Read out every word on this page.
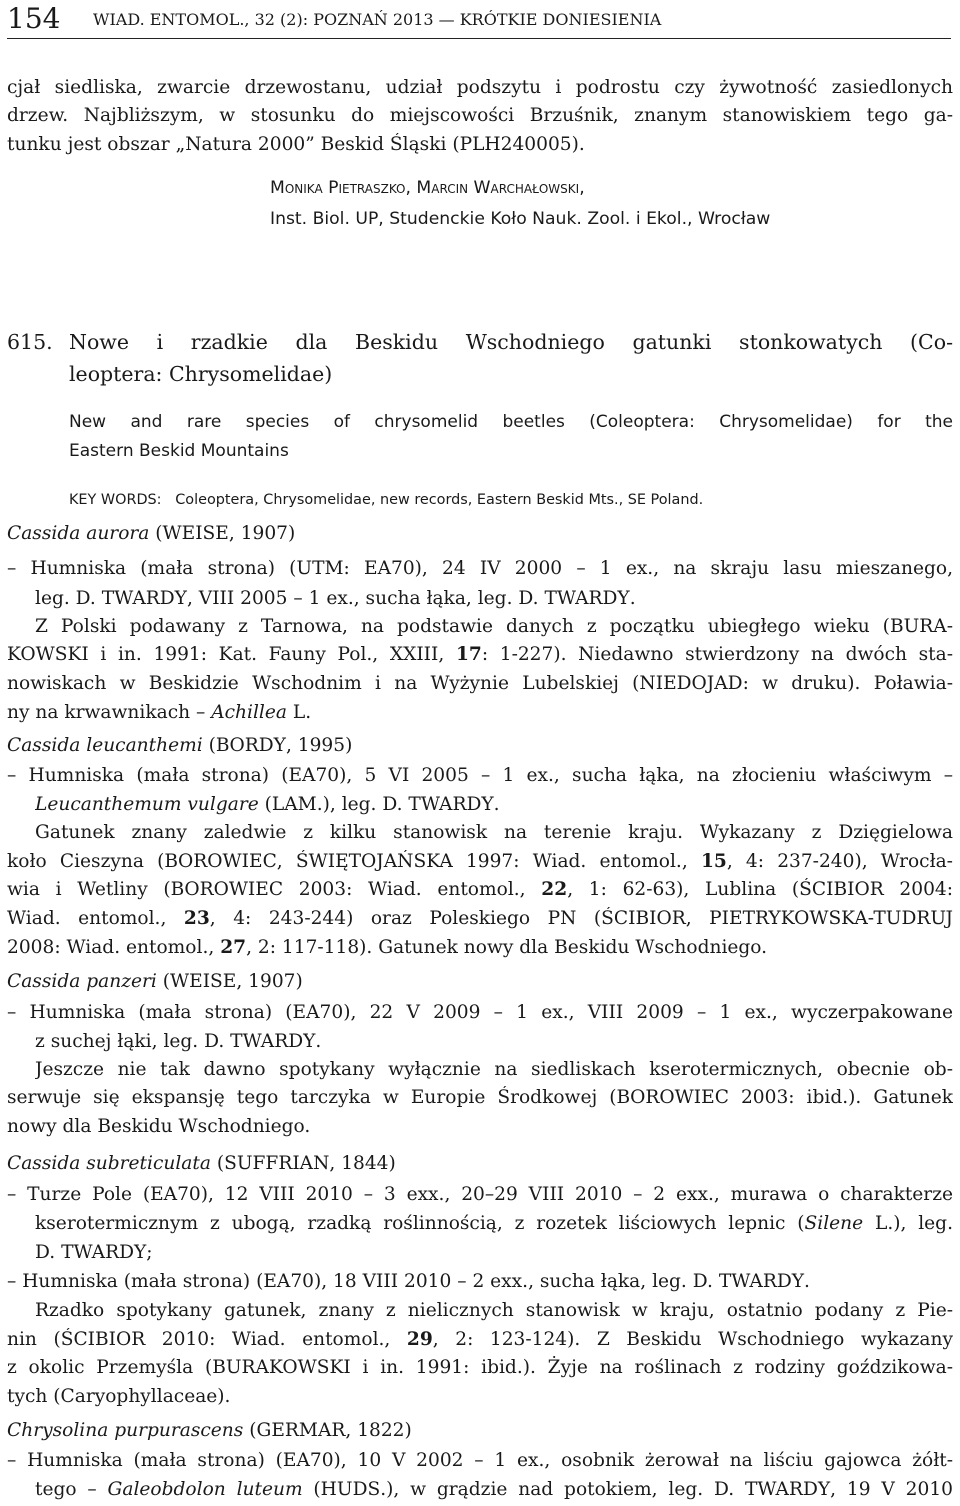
154 WIAD. ENTOMOL., 32 (2): POZNAŃ 2013 — KRÓTKIE DONIESIENIA
cjał siedliska, zwarcie drzewostanu, udział podszytu i podrostu czy żywotność zasiedlonych
drzew. Najbliższym, w stosunku do miejscowości Brzuśnik, znanym stanowiskiem tego ga-
tunku jest obszar „Natura 2000” Beskid Śląski (PLH240005).
Monika Pietraszko, Marcin Warchałowski,
Inst. Biol. UP, Studenckie Koło Nauk. Zool. i Ekol., Wrocław
615. Nowe i rzadkie dla Beskidu Wschodniego gatunki stonkowatych (Co-
leoptera: Chrysomelidae)
New and rare species of chrysomelid beetles (Coleoptera: Chrysomelidae) for the
Eastern Beskid Mountains
KEY WORDS: Coleoptera, Chrysomelidae, new records, Eastern Beskid Mts., SE Poland.
Cassida aurora (WEISE, 1907)
– Humniska (mała strona) (UTM: EA70), 24 IV 2000 – 1 ex., na skraju lasu mieszanego,
leg. D. TWARDY, VIII 2005 – 1 ex., sucha łąka, leg. D. TWARDY.
Z Polski podawany z Tarnowa, na podstawie danych z początku ubiegłego wieku (BURA-
KOWSKI i in. 1991: Kat. Fauny Pol., XXIII, 17: 1-227). Niedawno stwierdzony na dwóch sta-
nowiskach w Beskidzie Wschodnim i na Wyżynie Lubelskiej (NIEDOJAD: w druku). Poławia-
ny na krwawnikach – Achillea L.
Cassida leucanthemi (BORDY, 1995)
– Humniska (mała strona) (EA70), 5 VI 2005 – 1 ex., sucha łąka, na złocieniu właściwym –
Leucanthemum vulgare (LAM.), leg. D. TWARDY.
Gatunek znany zaledwie z kilku stanowisk na terenie kraju. Wykazany z Dzięgielowa
koło Cieszyna (BOROWIEC, ŚWIĘTOJAŃSKA 1997: Wiad. entomol., 15, 4: 237-240), Wrocła-
wia i Wetliny (BOROWIEC 2003: Wiad. entomol., 22, 1: 62-63), Lublina (ŚCIBIOR 2004:
Wiad. entomol., 23, 4: 243-244) oraz Poleskiego PN (ŚCIBIOR, PIETRYKOWSKA-TUDRUJ
2008: Wiad. entomol., 27, 2: 117-118). Gatunek nowy dla Beskidu Wschodniego.
Cassida panzeri (WEISE, 1907)
– Humniska (mała strona) (EA70), 22 V 2009 – 1 ex., VIII 2009 – 1 ex., wyczerpakowane
z suchej łąki, leg. D. TWARDY.
Jeszcze nie tak dawno spotykany wyłącznie na siedliskach kserotermicznych, obecnie ob-
serwuje się ekspansję tego tarczyka w Europie Środkowej (BOROWIEC 2003: ibid.). Gatunek
nowy dla Beskidu Wschodniego.
Cassida subreticulata (SUFFRIAN, 1844)
– Turze Pole (EA70), 12 VIII 2010 – 3 exx., 20–29 VIII 2010 – 2 exx., murawa o charakterze
kserotermicznym z ubogą, rzadką roślinnością, z rozetek liściowych lepnic (Silene L.), leg.
D. TWARDY;
– Humniska (mała strona) (EA70), 18 VIII 2010 – 2 exx., sucha łąka, leg. D. TWARDY.
Rzadko spotykany gatunek, znany z nielicznych stanowisk w kraju, ostatnio podany z Pie-
nin (ŚCIBIOR 2010: Wiad. entomol., 29, 2: 123-124). Z Beskidu Wschodniego wykazany
z okolic Przemyśla (BURAKOWSKI i in. 1991: ibid.). Żyje na roślinach z rodziny goździkowa-
tych (Caryophyllaceae).
Chrysolina purpurascens (GERMAR, 1822)
– Humniska (mała strona) (EA70), 10 V 2002 – 1 ex., osobnik żerował na liściu gajowca żółt-
tego – Galeobdolon luteum (HUDS.), w grądzie nad potokiem, leg. D. TWARDY, 19 V 2010
